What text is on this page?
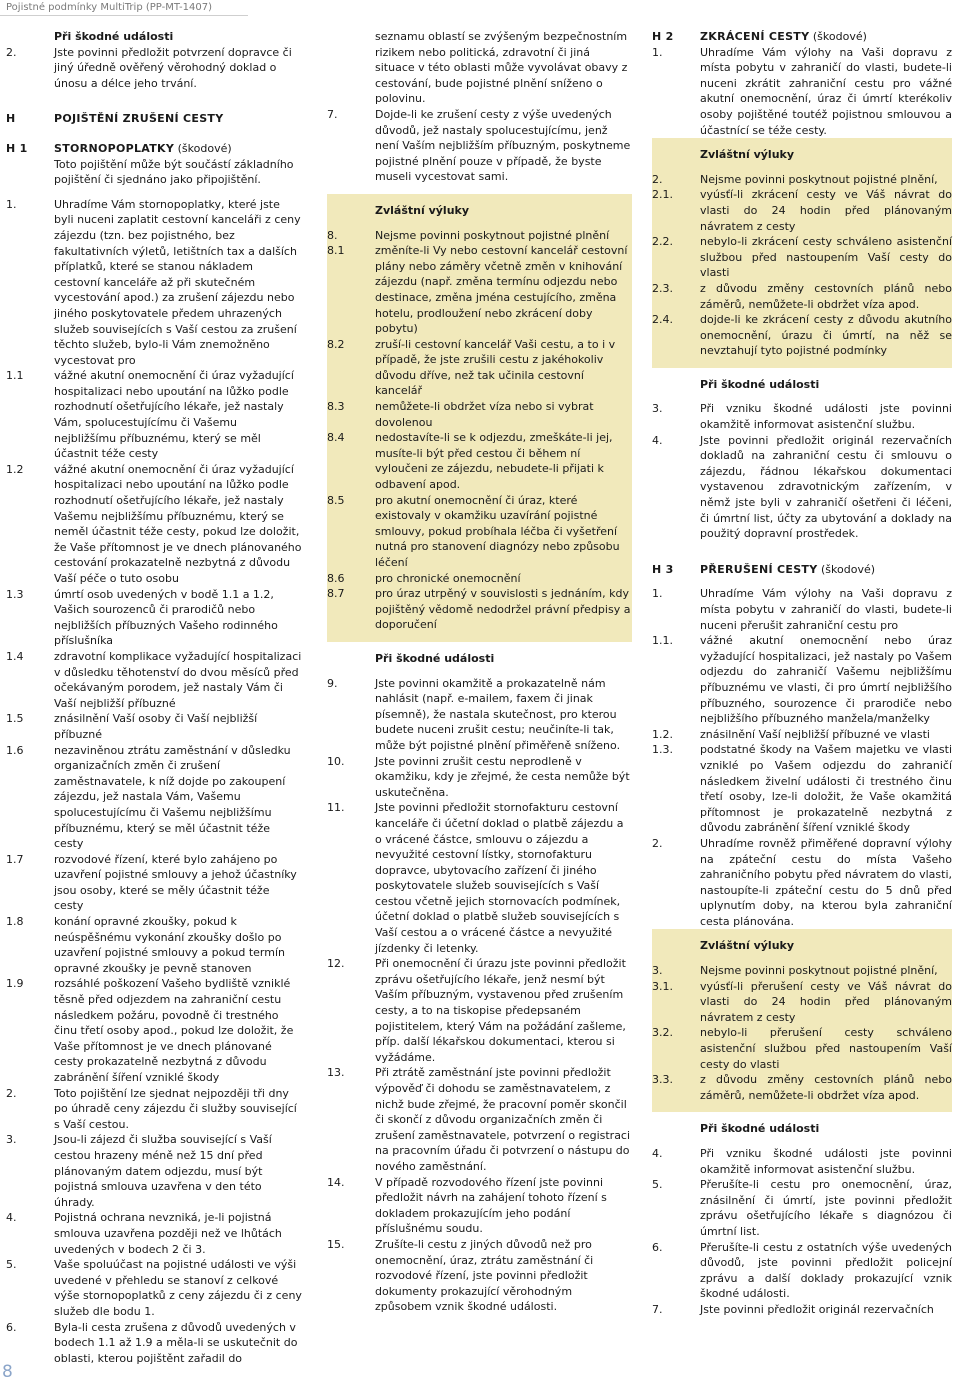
Pojistné podmínky MultiTrip (PP-MT-1407)
Při škodné události
2.	Jste povinni předložit potvrzení dopravce či jiný úředně ověřený věrohodný doklad o únosu a délce jeho trvání.
H	POJIŠTĚNÍ ZRUŠENÍ CESTY
H 1	STORNOPOPLATKY (škodové)
Toto pojištění může být součástí základního pojištění či sjednáno jako připojištění.
1.	Uhradíme Vám stornopoplatky, které jste byli nuceni zaplatit cestovní kanceláři z ceny zájezdu (tzn. bez pojistného, bez fakultativních výletů, letištních tax a dalších příplatků, které se stanou nákladem cestovní kanceláře až při skutečném vycestování apod.) za zrušení zájezdu nebo jiného poskytovatele předem uhrazených služeb souvisejících s Vaší cestou za zrušení těchto služeb, bylo-li Vám znemožněno vycestovat pro
1.1	vážné akutní onemocnění či úraz vyžadující hospitalizaci nebo upoutání na lůžko podle rozhodnutí ošetřujícího lékaře, jež nastaly Vám, spolucestujícímu či Vašemu nejbližšímu příbuznému, který se měl účastnit téže cesty
1.2	vážné akutní onemocnění či úraz vyžadující hospitalizaci nebo upoutání na lůžko podle rozhodnutí ošetřujícího lékaře, jež nastaly Vašemu nejbližšímu příbuznému, který se neměl účastnit téže cesty, pokud lze doložit, že Vaše přítomnost je ve dnech plánovaného cestování prokazatelně nezbytná z důvodu Vaší péče o tuto osobu
1.3	úmrtí osob uvedených v bodě 1.1 a 1.2, Vašich sourozenců či prarodičů nebo nejbližších příbuzných Vašeho rodinného příslušníka
1.4	zdravotní komplikace vyžadující hospitalizaci v důsledku těhotenství do dvou měsíců před očekávaným porodem, jež nastaly Vám či Vaší nejbližší příbuzné
1.5	znásilnění Vaší osoby či Vaší nejbližší příbuzné
1.6	nezaviněnou ztrátu zaměstnání v důsledku organizačních změn či zrušení zaměstnavatele, k níž dojde po zakoupení zájezdu, jež nastala Vám, Vašemu spolucestujícímu či Vašemu nejbližšímu příbuznému, který se měl účastnit téže cesty
1.7	rozvodové řízení, které bylo zahájeno po uzavření pojistné smlouvy a jehož účastníky jsou osoby, které se měly účastnit téže cesty
1.8	konání opravné zkoušky, pokud k neúspěšnému vykonání zkoušky došlo po uzavření pojistné smlouvy a pokud termín opravné zkoušky je pevně stanoven
1.9	rozsáhlé poškození Vašeho bydliště vzniklé těsně před odjezdem na zahraniční cestu následkem požáru, povodně či trestného činu třetí osoby apod., pokud lze doložit, že Vaše přítomnost je ve dnech plánované cesty prokazatelně nezbytná z důvodu zabránění šíření vzniklé škody
2.	Toto pojištění lze sjednat nejpozději tři dny po úhradě ceny zájezdu či služby související s Vaší cestou.
3.	Jsou-li zájezd či služba související s Vaší cestou hrazeny méně než 15 dní před plánovaným datem odjezdu, musí být pojistná smlouva uzavřena v den této úhrady.
4.	Pojistná ochrana nevzniká, je-li pojistná smlouva uzavřena později než ve lhůtách uvedených v bodech 2 či 3.
5.	Vaše spoluúčast na pojistné události ve výši uvedené v přehledu se stanoví z celkové výše stornopoplatků z ceny zájezdu či z ceny služeb dle bodu 1.
6.	Byla-li cesta zrušena z důvodů uvedených v bodech 1.1 až 1.9 a měla-li se uskutečnit do oblasti, kterou pojištěnt zařadil do
seznamu oblastí se zvýšeným bezpečnostním rizikem nebo politická, zdravotní či jiná situace v této oblasti může vyvolávat obavy z cestování, bude pojistné plnění sníženo o polovinu.
7.	Dojde-li ke zrušení cesty z výše uvedených důvodů, jež nastaly spolucestujícímu, jenž není Vaším nejbližším příbuzným, poskytneme pojistné plnění pouze v případě, že byste museli vycestovat sami.
Zvláštní výluky
8.	Nejsme povinni poskytnout pojistné plnění
8.1	změníte-li Vy nebo cestovní kancelář cestovní plány nebo záměry včetně změn v knihování zájezdu (např. změna termínu odjezdu nebo destinace, změna jména cestujícího, změna hotelu, prodloužení nebo zkrácení doby pobytu)
8.2	zruší-li cestovní kancelář Vaši cestu, a to i v případě, že jste zrušili cestu z jakéhokoliv důvodu dříve, než tak učinila cestovní kancelář
8.3	nemůžete-li obdržet víza nebo si vybrat dovolenou
8.4	nedostavíte-li se k odjezdu, zmeškáte-li jej, musíte-li být před cestou či během ní vyloučeni ze zájezdu, nebudete-li přijati k odbavení apod.
8.5	pro akutní onemocnění či úraz, které existovaly v okamžiku uzavírání pojistné smlouvy, pokud probíhala léčba či vyšetření nutná pro stanovení diagnózy nebo způsobu léčení
8.6	pro chronické onemocnění
8.7	pro úraz utrpěný v souvislosti s jednáním, kdy pojištěný vědomě nedodržel právní předpisy a doporučení
Při škodné události
9.	Jste povinni okamžitě a prokazatelně nám nahlásit (např. e-mailem, faxem či jinak písemně), že nastala skutečnost, pro kterou budete nuceni zrušit cestu; neučiníte-li tak, může být pojistné plnění přiměřeně sníženo.
10.	Jste povinni zrušit cestu neprodleně v okamžiku, kdy je zřejmé, že cesta nemůže být uskutečněna.
11.	Jste povinni předložit stornofakturu cestovní kanceláře či účetní doklad o platbě zájezdu a o vrácené částce, smlouvu o zájezdu a nevyužité cestovní lístky, stornofakturu dopravce, ubytovacího zařízení či jiného poskytovatele služeb souvisejících s Vaší cestou včetně jejich stornovacích podmínek, účetní doklad o platbě služeb souvisejících s Vaší cestou a o vrácené částce a nevyužité jízdenky či letenky.
12.	Při onemocnění či úrazu jste povinni předložit zprávu ošetřujícího lékaře, jenž nesmí být Vaším příbuzným, vystavenou před zrušením cesty, a to na tiskopise předepsaném pojistitelem, který Vám na požádání zašleme, příp. další lékařskou dokumentaci, kterou si vyžádáme.
13.	Při ztrátě zaměstnání jste povinni předložit výpověď či dohodu se zaměstnavatelem, z nichž bude zřejmé, že pracovní poměr skončil či skončí z důvodu organizačních změn či zrušení zaměstnavatele, potvrzení o registraci na pracovním úřadu či potvrzení o nástupu do nového zaměstnání.
14.	V případě rozvodového řízení jste povinni předložit návrh na zahájení tohoto řízení s dokladem prokazujícím jeho podání příslušnému soudu.
15.	Zrušíte-li cestu z jiných důvodů než pro onemocnění, úraz, ztrátu zaměstnání či rozvodové řízení, jste povinni předložit dokumenty prokazující věrohodným způsobem vznik škodné události.
H 2	ZKRÁCENÍ CESTY (škodové)
1.	Uhradíme Vám výlohy na Vaši dopravu z místa pobytu v zahraničí do vlasti, budete-li nuceni zkrátit zahraniční cestu pro vážné akutní onemocnění, úraz či úmrtí kterékoliv osoby pojištěné toutéž pojistnou smlouvou a účastnící se téže cesty.
Zvláštní výluky
2.	Nejsme povinni poskytnout pojistné plnění,
2.1.	vyúsťí-li zkrácení cesty ve Váš návrat do vlasti do 24 hodin před plánovaným návratem z cesty
2.2.	nebylo-li zkrácení cesty schváleno asistenční službou před nastoupením Vaší cesty do vlasti
2.3.	z důvodu změny cestovních plánů nebo záměrů, nemůžete-li obdržet víza apod.
2.4.	dojde-li ke zkrácení cesty z důvodu akutního onemocnění, úrazu či úmrtí, na něž se nevztahují tyto pojistné podmínky
Při škodné události
3.	Při vzniku škodné události jste povinni okamžitě informovat asistenční službu.
4.	Jste povinni předložit originál rezervačních dokladů na zahraniční cestu či smlouvu o zájezdu, řádnou lékařskou dokumentaci vystavenou zdravotnickým zařízením, v němž jste byli v zahraničí ošetřeni či léčeni, či úmrtní list, účty za ubytování a doklady na použitý dopravní prostředek.
H 3	PŘERUŠENÍ CESTY (škodové)
1.	Uhradíme Vám výlohy na Vaši dopravu z místa pobytu v zahraničí do vlasti, budete-li nuceni přerušit zahraniční cestu pro
1.1.	vážné akutní onemocnění nebo úraz vyžadující hospitalizaci, jež nastaly po Vašem odjezdu do zahraničí Vašemu nejbližšímu příbuznému ve vlasti, či pro úmrtí nejbližšího příbuzného, sourozence či prarodiče nebo nejbližšího příbuzného manžela/manželky
1.2.	znásilnění Vaší nejbližší příbuzné ve vlasti
1.3.	podstatné škody na Vašem majetku ve vlasti vzniklé po Vašem odjezdu do zahraničí následkem živelní události či trestného činu třetí osoby, lze-li doložit, že Vaše okamžitá přítomnost je prokazatelně nezbytná z důvodu zabránění šíření vzniklé škody
2.	Uhradíme rovněž přiměřené dopravní výlohy na zpáteční cestu do místa Vašeho zahraničního pobytu před návratem do vlasti, nastoupíte-li zpáteční cestu do 5 dnů před uplynutím doby, na kterou byla zahraniční cesta plánována.
Zvláštní výluky
3.	Nejsme povinni poskytnout pojistné plnění,
3.1.	vyúsťí-li přerušení cesty ve Váš návrat do vlasti do 24 hodin před plánovaným návratem z cesty
3.2.	nebylo-li přerušení cesty schváleno asistenční službou před nastoupením Vaší cesty do vlasti
3.3.	z důvodu změny cestovních plánů nebo záměrů, nemůžete-li obdržet víza apod.
Při škodné události
4.	Při vzniku škodné události jste povinni okamžitě informovat asistenční službu.
5.	Přerušíte-li cestu pro onemocnění, úraz, znásilnění či úmrtí, jste povinni předložit zprávu ošetřujícího lékaře s diagnózou či úmrtní list.
6.	Přerušíte-li cestu z ostatních výše uvedených důvodů, jste povinni předložit policejní zprávu a další doklady prokazující vznik škodné události.
7.	Jste povinni předložit originál rezervačních
8
